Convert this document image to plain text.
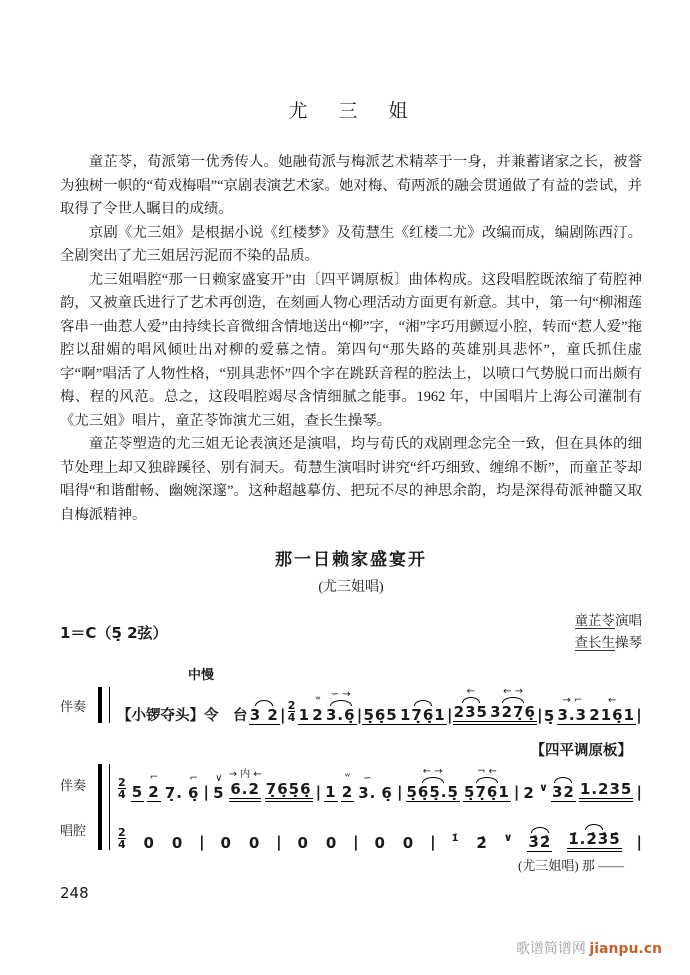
尤　三　姐

童芷苓，荀派第一优秀传人。她融荀派与梅派艺术精萃于一身，并兼蓄诸家之长，被誉为独树一帜的“荀戏梅唱”“京剧表演艺术家。她对梅、荀两派的融会贯通做了有益的尝试，并取得了令世人瞩目的成绩。

京剧《尤三姐》是根据小说《红楼梦》及荀慧生《红楼二尤》改编而成，编剧陈西汀。全剧突出了尤三姐居污泥而不染的品质。

尤三姐唱腔“那一日赖家盛宴开”由〔四平调原板〕曲体构成。这段唱腔既浓缩了荀腔神韵，又被童氏进行了艺术再创造，在刻画人物心理活动方面更有新意。其中，第一句“柳湘莲客串一曲惹人爱”由持续长音微细含情地送出“柳”字，“湘”字巧用颤逗小腔，转而“惹人爱”拖腔以甜媚的唱风倾吐出对柳的爱慕之情。第四句“那失路的英雄别具悲怀”，童氏抓住虚字“啊”唱活了人物性格，“别具悲怀”四个字在跳跃音程的腔法上，以喷口气势脱口而出颇有梅、程的风范。总之，这段唱腔竭尽含情细腻之能事。1962 年，中国唱片上海公司灌制有《尤三姐》唱片，童芷苓饰演尤三姐，查长生操琴。

童芷苓塑造的尤三姐无论表演还是演唱，均与荀氏的戏剧理念完全一致，但在具体的细节处理上却又独辟蹊径、别有洞天。荀慧生演唱时讲究“纤巧细致、缠绵不断”，而童芷苓却唱得“和谐酣畅、幽婉深邃”。这种超越摹仿、把玩不尽的神思余韵，均是深得荀派神髓又取自梅派精神。

那一日赖家盛宴开
(尤三姐唱)
1＝C（5̣ 2弦）
童芷苓演唱
查长生操琴
中慢
伴奏
【小锣夺头】令　台 3 2 | $\frac{2}{4} 1$
ʷ
2
∽ →
3.6̣ | 5̣6̣5 17̣6̣1 |
←
235
← →
327̣6̣ | 5̣
→ ⌐
3.3
←
216̣1 |
【四平调原板】
伴奏
唱腔
$\frac{2}{4} 5$
⌐
2 7̣.
⌐
6̣ |
∨
5
→ 内 ←
6.2 7̣6̣5̣6̣ | 1
ʷ
2
∽
3. 6̣ |
← →
5̣6̣5̣.5̣
¬ ←
5̣7̣6̣1 | 2 ∨ 32 1.235 |
$\frac{2}{4} 0$ 0 | 0 0 | 0 0 | 0 0 | 1̇ 2̇ ∨ 3̇2̇ 1̇.2̇3̇5̇ |
(尤三姐唱) 那 ——
248
歌谱简谱网 jianpu.cn
